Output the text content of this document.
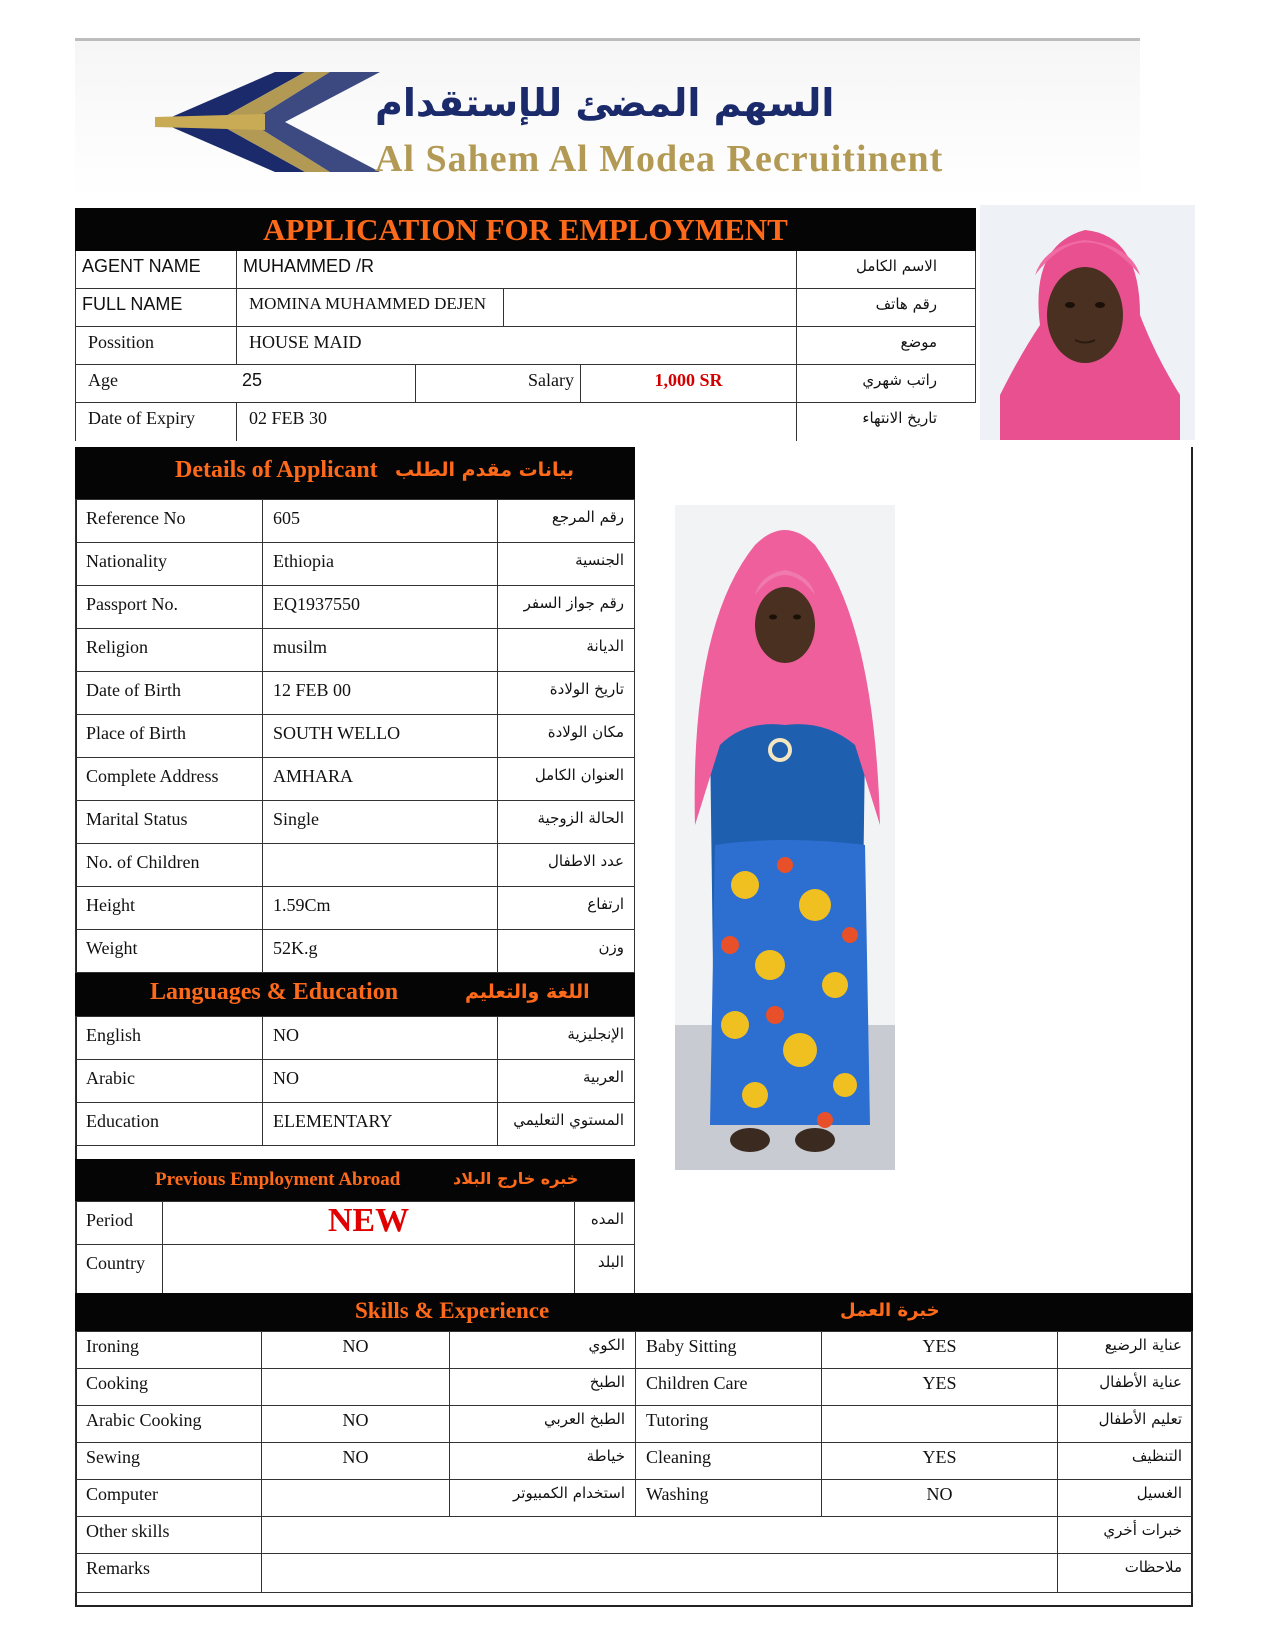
السهم المضئ للإستقدام
Al Sahem Al Modea Recruitinent
APPLICATION FOR EMPLOYMENT
AGENT NAME	MUHAMMED /R	الاسم الكامل
FULL NAME	MOMINA MUHAMMED DEJEN	رقم هاتف
Possition	HOUSE MAID	موضع
Age	25	Salary	1,000 SR	راتب شهري
Date of Expiry	02 FEB 30	تاريخ الانتهاء
Details of Applicant بيانات مقدم الطلب
Reference No	605	رقم المرجع
Nationality	Ethiopia	الجنسية
Passport No.	EQ1937550	رقم جواز السفر
Religion	musilm	الديانة
Date of Birth	12 FEB 00	تاريخ الولادة
Place of Birth	SOUTH WELLO	مكان الولادة
Complete Address	AMHARA	العنوان الكامل
Marital Status	Single	الحالة الزوجية
No. of Children		عدد الاطفال
Height	1.59Cm	ارتفاع
Weight	52K.g	وزن
Languages & Education	اللغة والتعليم
English	NO	الإنجليزية
Arabic	NO	العربية
Education	ELEMENTARY	المستوي التعليمي
Previous Employment Abroad	خبره خارج البلاد
Period	NEW	المده
Country		البلد
Skills & Experience	خبرة العمل
Ironing	NO	الكوي	Baby Sitting	YES	عناية الرضيع
Cooking		الطبخ	Children Care	YES	عناية الأطفال
Arabic Cooking	NO	الطبخ العربي	Tutoring		تعليم الأطفال
Sewing	NO	خياطة	Cleaning	YES	التنظيف
Computer		استخدام الكمبيوتر	Washing	NO	الغسيل
Other skills					خبرات أخري
Remarks					ملاحظات
